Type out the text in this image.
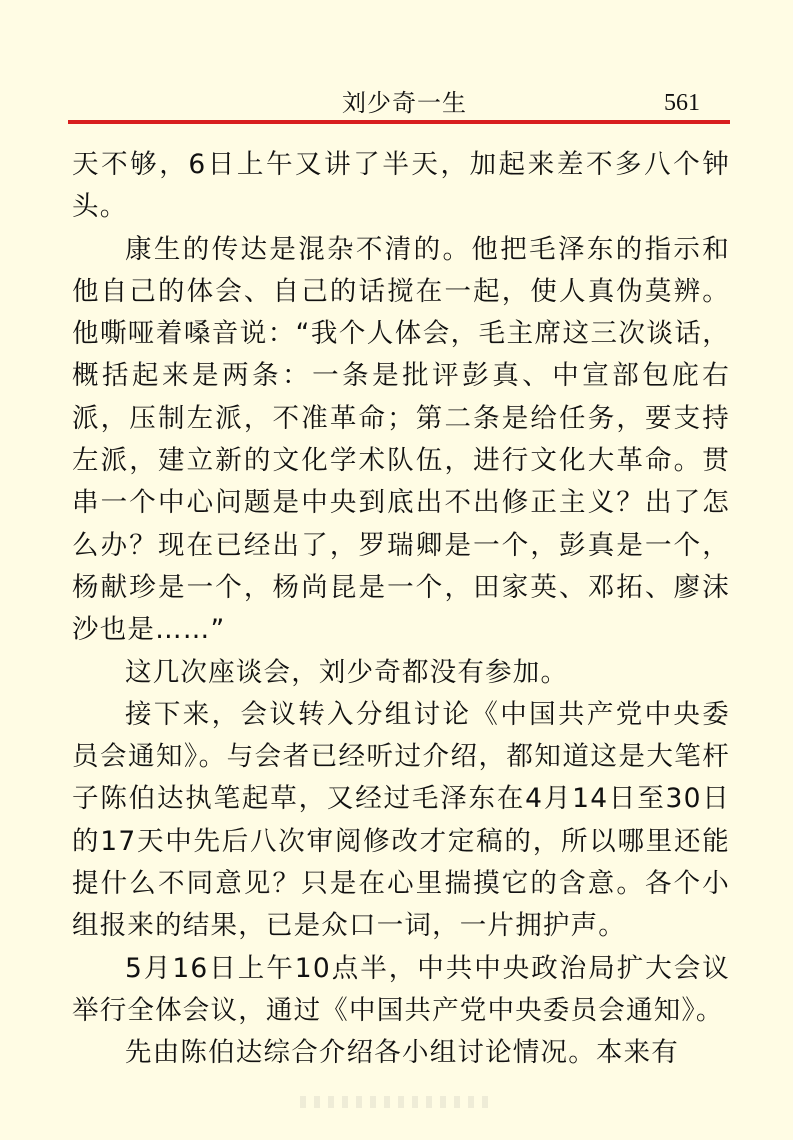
刘少奇一生	561

天不够，6日上午又讲了半天，加起来差不多八个钟头。

康生的传达是混杂不清的。他把毛泽东的指示和他自己的体会、自己的话搅在一起，使人真伪莫辨。他嘶哑着嗓音说：“我个人体会，毛主席这三次谈话，概括起来是两条：一条是批评彭真、中宣部包庇右派，压制左派，不准革命；第二条是给任务，要支持左派，建立新的文化学术队伍，进行文化大革命。贯串一个中心问题是中央到底出不出修正主义？出了怎么办？现在已经出了，罗瑞卿是一个，彭真是一个，杨献珍是一个，杨尚昆是一个，田家英、邓拓、廖沫沙也是……”

这几次座谈会，刘少奇都没有参加。

接下来，会议转入分组讨论《中国共产党中央委员会通知》。与会者已经听过介绍，都知道这是大笔杆子陈伯达执笔起草，又经过毛泽东在4月14日至30日的17天中先后八次审阅修改才定稿的，所以哪里还能提什么不同意见？只是在心里揣摸它的含意。各个小组报来的结果，已是众口一词，一片拥护声。

5月16日上午10点半，中共中央政治局扩大会议举行全体会议，通过《中国共产党中央委员会通知》。

先由陈伯达综合介绍各小组讨论情况。本来有
